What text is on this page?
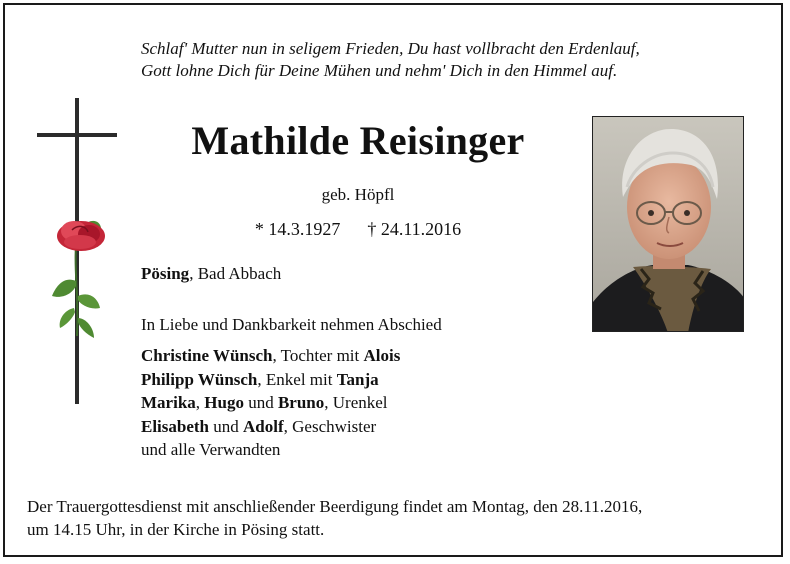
Schlaf' Mutter nun in seligem Frieden, Du hast vollbracht den Erdenlauf,
Gott lohne Dich für Deine Mühen und nehm' Dich in den Himmel auf.
Mathilde Reisinger
geb. Höpfl
* 14.3.1927 † 24.11.2016
Pösing, Bad Abbach
In Liebe und Dankbarkeit nehmen Abschied
Christine Wünsch, Tochter mit Alois
Philipp Wünsch, Enkel mit Tanja
Marika, Hugo und Bruno, Urenkel
Elisabeth und Adolf, Geschwister
und alle Verwandten
Der Trauergottesdienst mit anschließender Beerdigung findet am Montag, den 28.11.2016,
um 14.15 Uhr, in der Kirche in Pösing statt.
